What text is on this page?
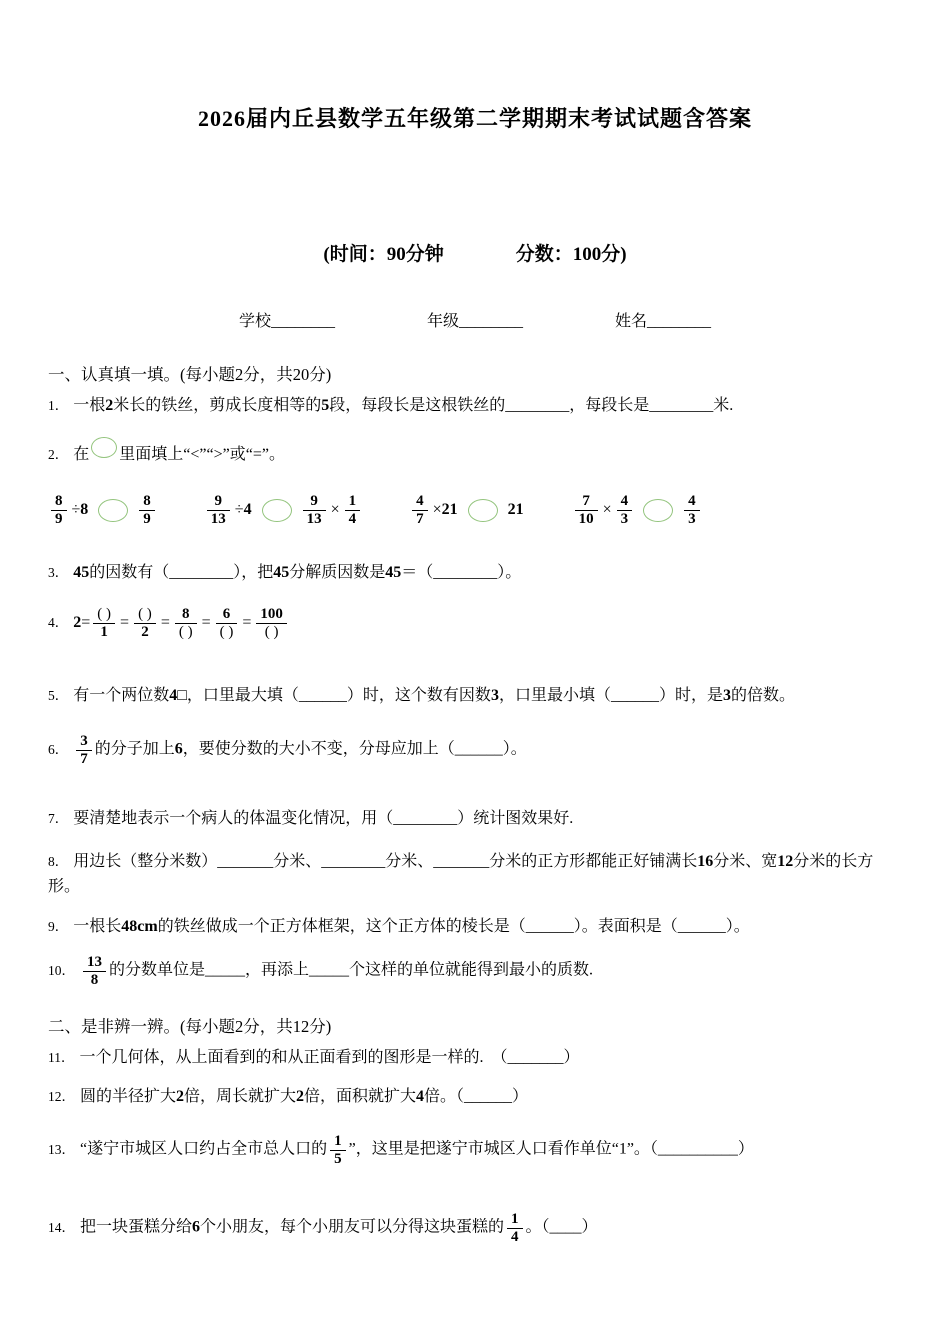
2026届内丘县数学五年级第二学期期末考试试题含答案
(时间：90分钟	分数：100分)
学校________	年级________	姓名________
一、认真填一填。(每小题2分，共20分)
1． 一根2米长的铁丝，剪成长度相等的5段，每段长是这根铁丝的________，每段长是________米.
2． 在 里面填上“<”“>”或“=”。
$\frac{8}{9} \div 8$	$\frac{8}{9}$	$\frac{9}{13} \div 4$	$\frac{9}{13} \times \frac{1}{4}$	$\frac{4}{7} \times 21$	21	$\frac{7}{10} \times \frac{4}{3}$	$\frac{4}{3}$
3． 45的因数有（________），把45分解质因数是45＝（________）。
4． $2= \frac{( )}{1} = \frac{( )}{2} = \frac{8}{( )} = \frac{6}{( )} = \frac{100}{( )}$
5． 有一个两位数4□，口里最大填（______）时，这个数有因数3，口里最小填（______）时，是3的倍数。
6． $\frac{3}{7}$ 的分子加上6，要使分数的大小不变，分母应加上（______）。
7． 要清楚地表示一个病人的体温变化情况，用（________）统计图效果好.
8． 用边长（整分米数）_______分米、________分米、_______分米的正方形都能正好铺满长16分米、宽12分米的长方形。
9． 一根长48cm的铁丝做成一个正方体框架，这个正方体的棱长是（______）。表面积是（______）。
10． $\frac{13}{8}$ 的分数单位是_____，再添上_____个这样的单位就能得到最小的质数.
二、是非辨一辨。(每小题2分，共12分)
11． 一个几何体，从上面看到的和从正面看到的图形是一样的.　（_______）
12． 圆的半径扩大2倍，周长就扩大2倍，面积就扩大4倍。（______）
13． “遂宁市城区人口约占全市总人口的 $\frac{1}{5}$ ”，这里是把遂宁市城区人口看作单位“1”。（__________）
14． 把一块蛋糕分给6个小朋友，每个小朋友可以分得这块蛋糕的 $\frac{1}{4}$ 。（____）
